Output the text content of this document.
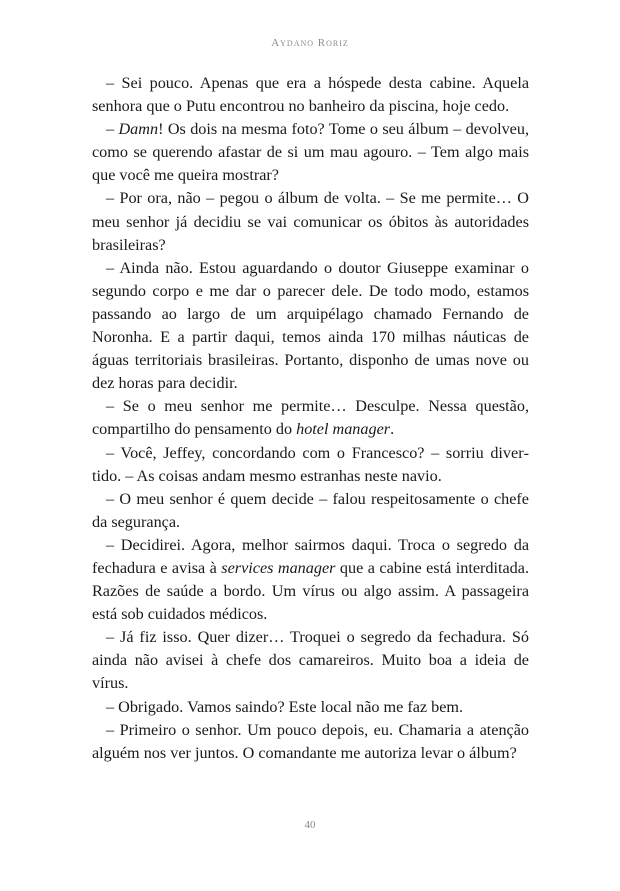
Aydano Roriz

– Sei pouco. Apenas que era a hóspede desta cabine. Aquela senhora que o Putu encontrou no banheiro da piscina, hoje cedo.

– Damn! Os dois na mesma foto? Tome o seu álbum – devolveu, como se querendo afastar de si um mau agouro. – Tem algo mais que você me queira mostrar?

– Por ora, não – pegou o álbum de volta. – Se me permite… O meu senhor já decidiu se vai comunicar os óbitos às autoridades brasileiras?

– Ainda não. Estou aguardando o doutor Giuseppe examinar o segundo corpo e me dar o parecer dele. De todo modo, estamos passando ao largo de um arquipélago chamado Fernando de Noronha. E a partir daqui, temos ainda 170 milhas náuticas de águas territoriais brasileiras. Portanto, disponho de umas nove ou dez horas para decidir.

– Se o meu senhor me permite… Desculpe. Nessa questão, compartilho do pensamento do hotel manager.

– Você, Jeffey, concordando com o Francesco? – sorriu divertido. – As coisas andam mesmo estranhas neste navio.

– O meu senhor é quem decide – falou respeitosamente o chefe da segurança.

– Decidirei. Agora, melhor sairmos daqui. Troca o segredo da fechadura e avisa à services manager que a cabine está interditada. Razões de saúde a bordo. Um vírus ou algo assim. A passageira está sob cuidados médicos.

– Já fiz isso. Quer dizer… Troquei o segredo da fechadura. Só ainda não avisei à chefe dos camareiros. Muito boa a ideia de vírus.

– Obrigado. Vamos saindo? Este local não me faz bem.

– Primeiro o senhor. Um pouco depois, eu. Chamaria a atenção alguém nos ver juntos. O comandante me autoriza levar o álbum?

40
